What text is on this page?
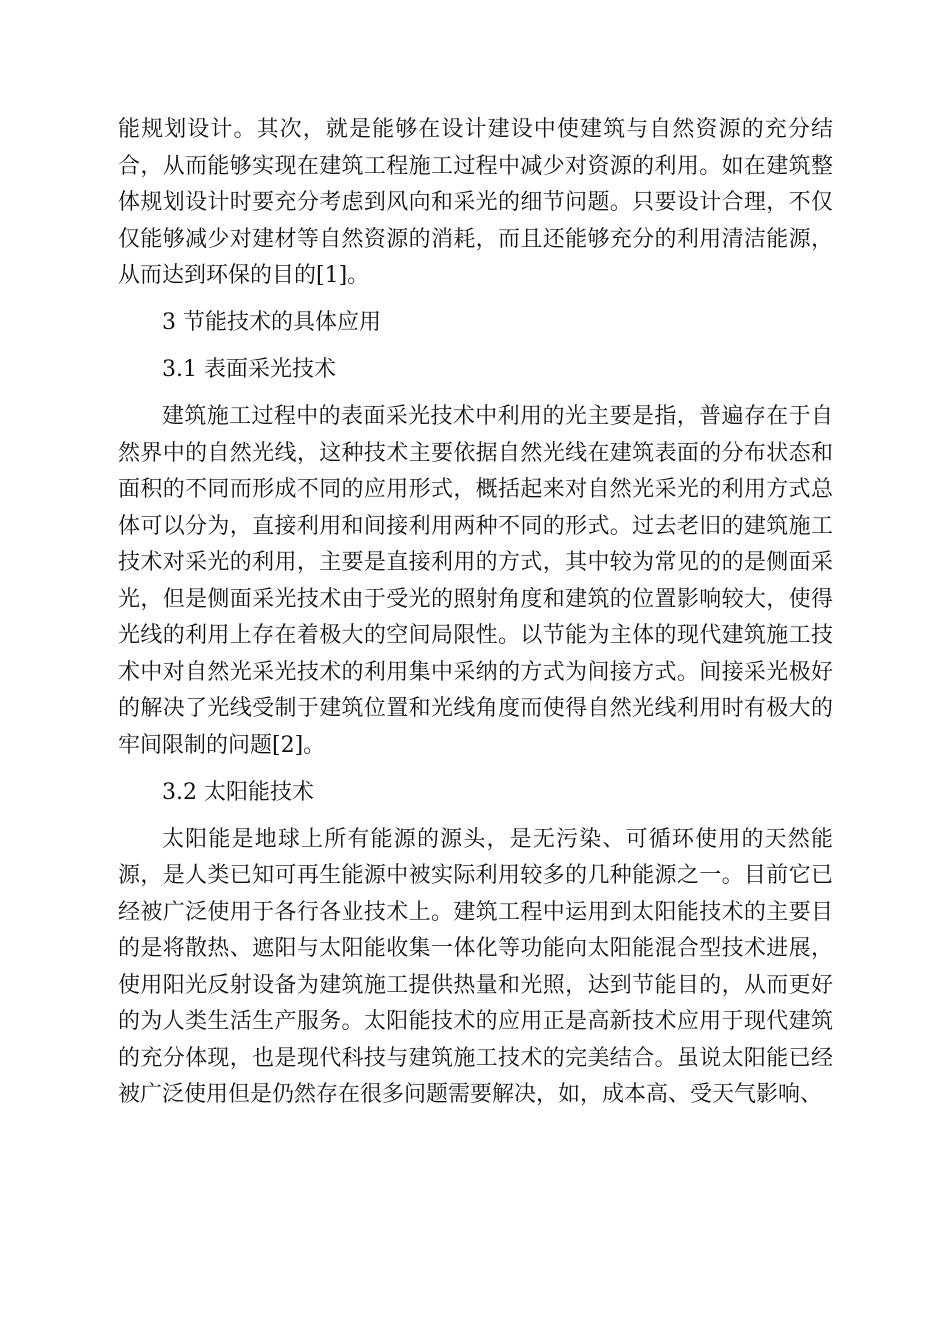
能规划设计。其次，就是能够在设计建设中使建筑与自然资源的充分结合，从而能够实现在建筑工程施工过程中减少对资源的利用。如在建筑整体规划设计时要充分考虑到风向和采光的细节问题。只要设计合理，不仅仅能够减少对建材等自然资源的消耗，而且还能够充分的利用清洁能源，从而达到环保的目的[1]。

3 节能技术的具体应用

3.1 表面采光技术

建筑施工过程中的表面采光技术中利用的光主要是指，普遍存在于自然界中的自然光线，这种技术主要依据自然光线在建筑表面的分布状态和面积的不同而形成不同的应用形式，概括起来对自然光采光的利用方式总体可以分为，直接利用和间接利用两种不同的形式。过去老旧的建筑施工技术对采光的利用，主要是直接利用的方式，其中较为常见的的是侧面采光，但是侧面采光技术由于受光的照射角度和建筑的位置影响较大，使得光线的利用上存在着极大的空间局限性。以节能为主体的现代建筑施工技术中对自然光采光技术的利用集中采纳的方式为间接方式。间接采光极好的解决了光线受制于建筑位置和光线角度而使得自然光线利用时有极大的牢间限制的问题[2]。

3.2 太阳能技术

太阳能是地球上所有能源的源头，是无污染、可循环使用的天然能源，是人类已知可再生能源中被实际利用较多的几种能源之一。目前它已经被广泛使用于各行各业技术上。建筑工程中运用到太阳能技术的主要目的是将散热、遮阳与太阳能收集一体化等功能向太阳能混合型技术进展，使用阳光反射设备为建筑施工提供热量和光照，达到节能目的，从而更好的为人类生活生产服务。太阳能技术的应用正是高新技术应用于现代建筑的充分体现，也是现代科技与建筑施工技术的完美结合。虽说太阳能已经被广泛使用但是仍然存在很多问题需要解决，如，成本高、受天气影响、
